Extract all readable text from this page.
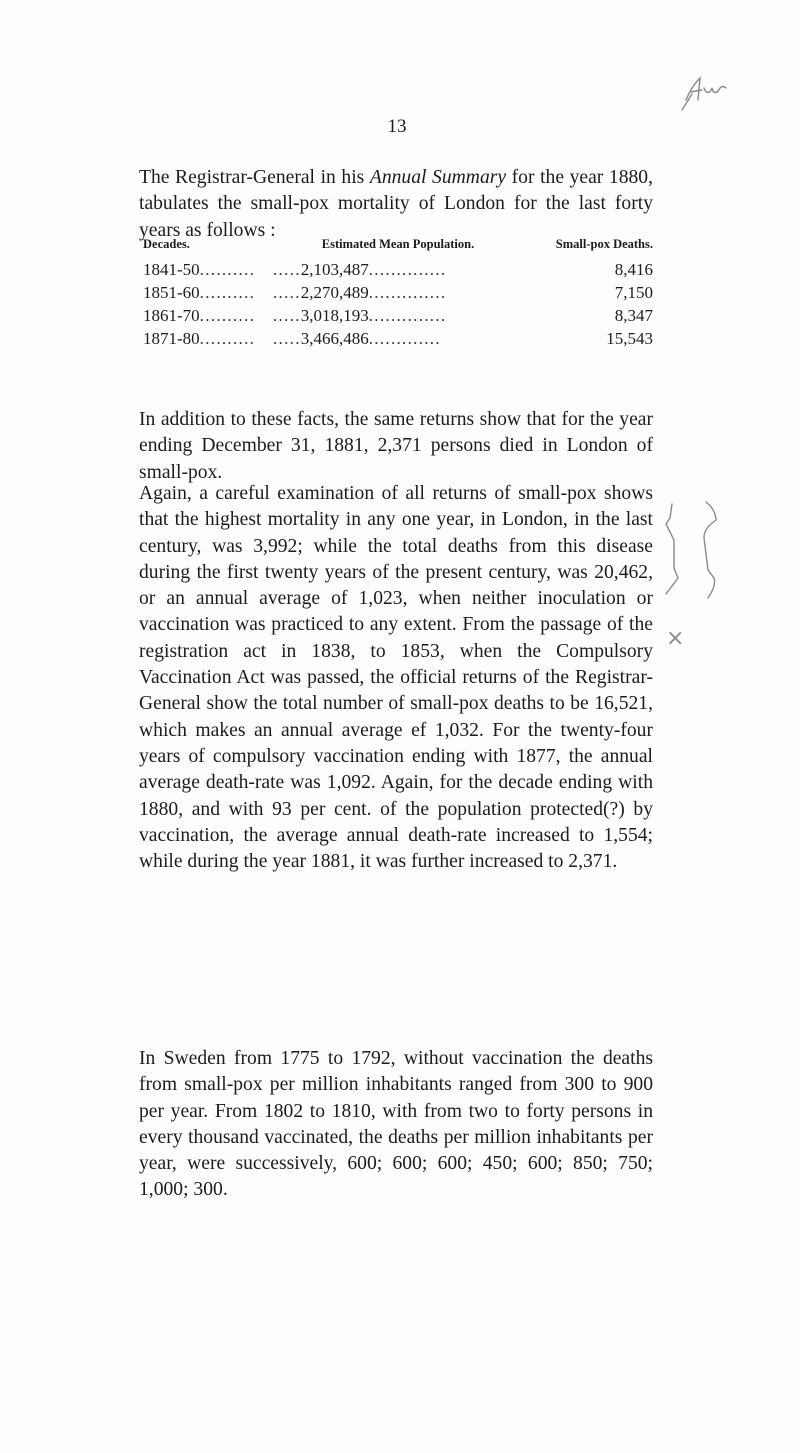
13

The Registrar-General in his Annual Summary for the year 1880, tabulates the small-pox mortality of London for the last forty years as follows :

Decades.	Estimated Mean Population.	Small-pox Deaths.
1841-50..........	.....2,103,487..............	8,416
1851-60..........	.....2,270,489..............	7,150
1861-70..........	.....3,018,193..............	8,347
1871-80..........	.....3,466,486.............	15,543

In addition to these facts, the same returns show that for the year ending December 31, 1881, 2,371 persons died in London of small-pox.

Again, a careful examination of all returns of small-pox shows that the highest mortality in any one year, in London, in the last century, was 3,992; while the total deaths from this disease during the first twenty years of the present century, was 20,462, or an annual average of 1,023, when neither inoculation or vaccination was practiced to any extent. From the passage of the registration act in 1838, to 1853, when the Compulsory Vaccination Act was passed, the official returns of the Registrar-General show the total number of small-pox deaths to be 16,521, which makes an annual average ef 1,032. For the twenty-four years of compulsory vaccination ending with 1877, the annual average death-rate was 1,092. Again, for the decade ending with 1880, and with 93 per cent. of the population protected(?) by vaccination, the average annual death-rate increased to 1,554; while during the year 1881, it was further increased to 2,371.

×

In Sweden from 1775 to 1792, without vaccination the deaths from small-pox per million inhabitants ranged from 300 to 900 per year. From 1802 to 1810, with from two to forty persons in every thousand vaccinated, the deaths per million inhabitants per year, were successively, 600; 600; 600; 450; 600; 850; 750; 1,000; 300.
